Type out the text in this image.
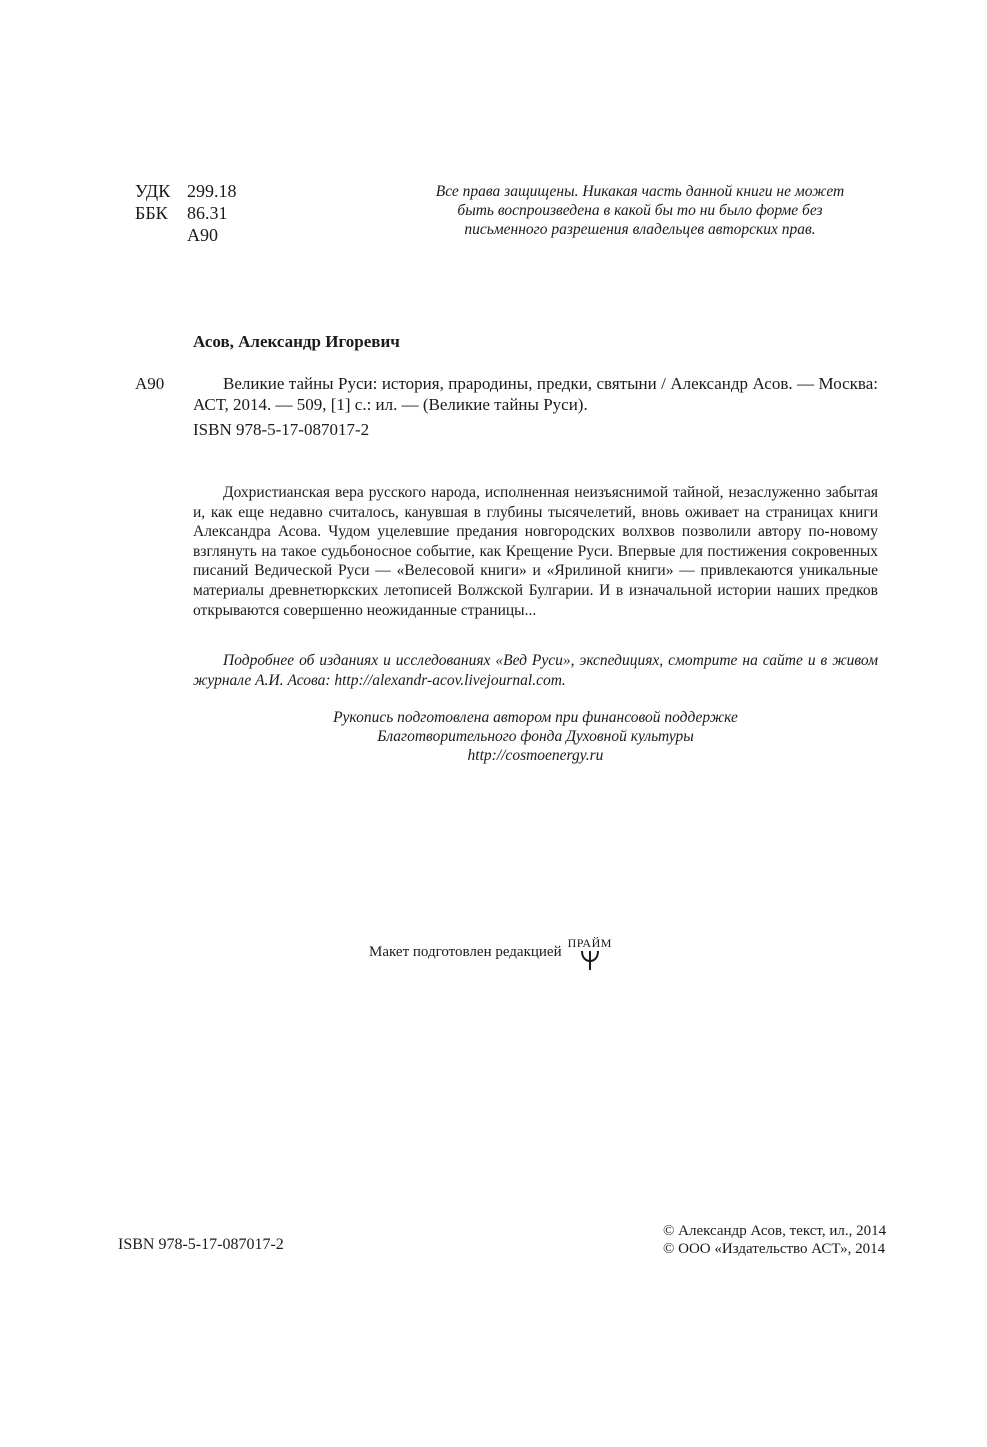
УДК 299.18
ББК	86.31
А90
Все права защищены. Никакая часть данной книги не может быть воспроизведена в какой бы то ни было форме без письменного разрешения владельцев авторских прав.
Асов, Александр Игоревич
А90	Великие тайны Руси: история, прародины, предки, святыни / Александр Асов. — Москва: АСТ, 2014. — 509, [1] с.: ил. — (Великие тайны Руси).
ISBN 978-5-17-087017-2
Дохристианская вера русского народа, исполненная неизъяснимой тайной, незаслуженно забытая и, как еще недавно считалось, канувшая в глубины тысячелетий, вновь оживает на страницах книги Александра Асова. Чудом уцелевшие предания новгородских волхвов позволили автору по-новому взглянуть на такое судьбоносное событие, как Крещение Руси. Впервые для постижения сокровенных писаний Ведической Руси — «Велесовой книги» и «Ярилиной книги» — привлекаются уникальные материалы древнетюркских летописей Волжской Булгарии. И в изначальной истории наших предков открываются совершенно неожиданные страницы...
Подробнее об изданиях и исследованиях «Вед Руси», экспедициях, смотрите на сайте и в живом журнале А.И. Асова: http://alexandr-acov.livejournal.com.
Рукопись подготовлена автором при финансовой поддержке
Благотворительного фонда Духовной культуры
http://cosmoenergy.ru
Макет подготовлен редакцией
ПРАЙМ
ISBN 978-5-17-087017-2
© Александр Асов, текст, ил., 2014
© ООО «Издательство АСТ», 2014
